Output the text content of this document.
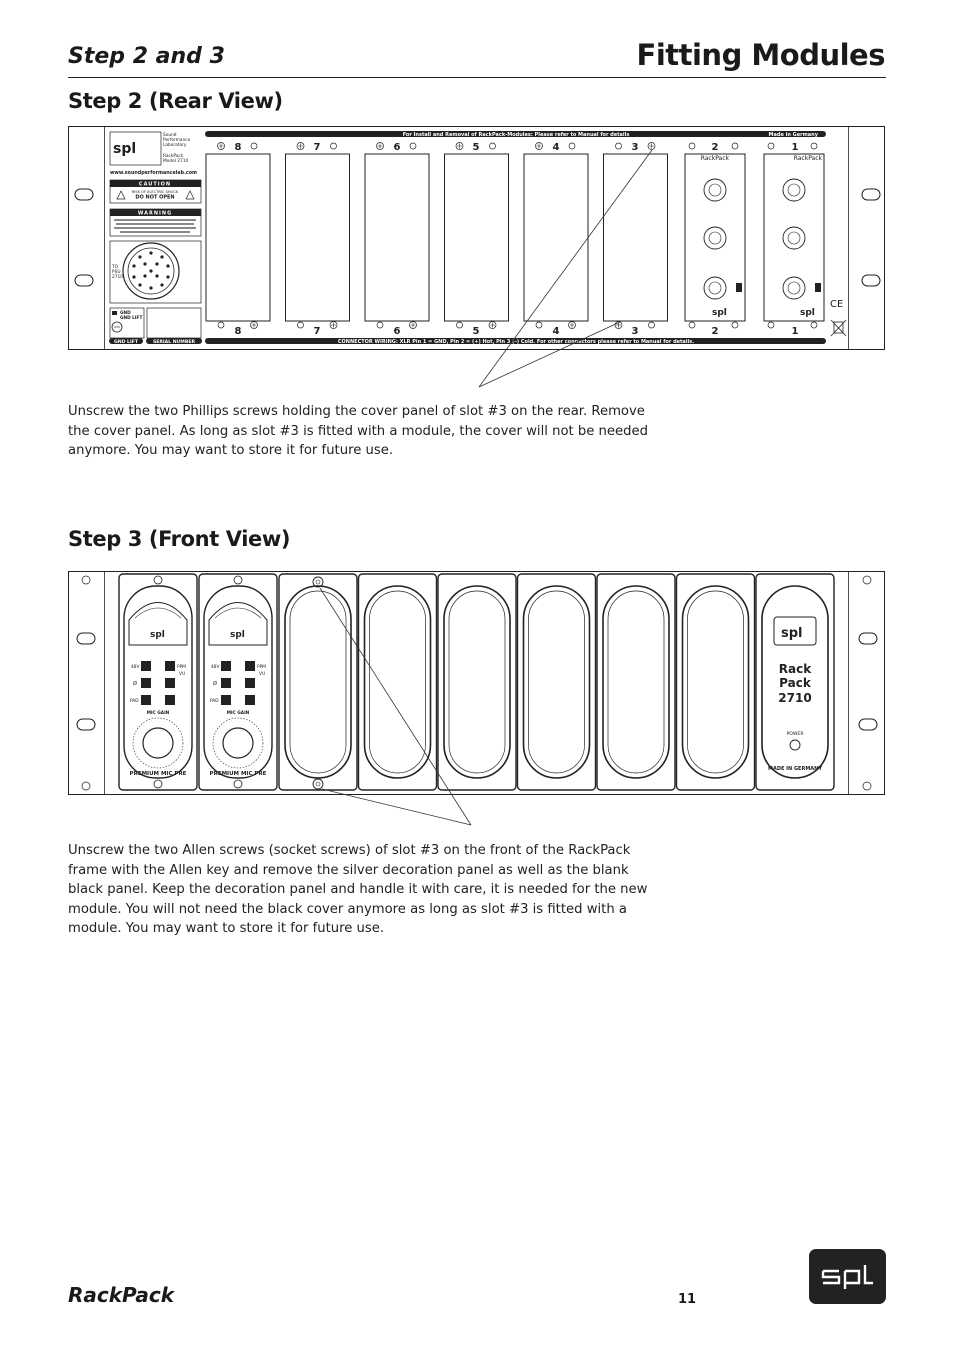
Step 2 and 3	Fitting Modules
Step 2 (Rear View)
For Install and Removal of RackPack-Modules: Please refer to Manual for details	Made in Germany
CONNECTOR WIRING: XLR Pin 1 = GND, Pin 2 = (+) Hot, Pin 3 (–) Cold. For other connectors please refer to Manual for details.
spl
Sound Performance Laboratory
RackPack
Model 2710
www.soundperformancelab.com
CAUTION
RISK OF ELECTRIC SHOCK
DO NOT OPEN
WARNING
TO PSU 2710
GND
GND LIFT
GND LIFT	SERIAL NUMBER
8	7	6	5	4	3	2	1
8	7	6	5	4	3	2	1
RackPack
spl
RackPack
spl
CE
Unscrew the two Phillips screws holding the cover panel of slot #3 on the rear. Remove the cover panel. As long as slot #3 is fitted with a module, the cover will not be needed anymore. You may want to store it for future use.
Step 3 (Front View)
spl
48V
Ø
PAD
PPM
VU
MIC GAIN
PREMIUM MIC PRE
spl
48V
Ø
PAD
PPM
VU
MIC GAIN
PREMIUM MIC PRE
spl
Rack
Pack
2710
POWER
MADE IN GERMANY
Unscrew the two Allen screws (socket screws) of slot #3 on the front of the RackPack frame with the Allen key and remove the silver decoration panel as well as the blank black panel. Keep the decoration panel and handle it with care, it is needed for the new module. You will not need the black cover anymore as long as slot #3 is fitted with a module. You may want to store it for future use.
RackPack	11
